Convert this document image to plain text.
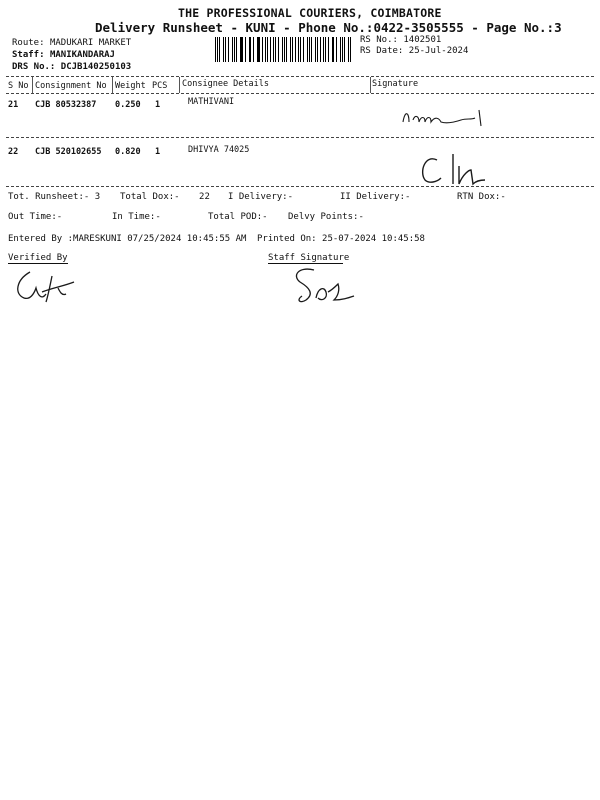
THE PROFESSIONAL COURIERS, COIMBATORE
Delivery Runsheet - KUNI - Phone No.:0422-3505555 - Page No.:3
Route: MADUKARI MARKET
Staff: MANIKANDARAJ
DRS No.: DCJB140250103
RS No.: 1402501
RS Date: 25-Jul-2024
S No Consignment No Weight PCS Consignee Details	Signature
21 CJB 80532387 0.250 1	MATHIVANI
22 CJB 520102655 0.820 1	DHIVYA 74025
Tot. Runsheet:- 3 Total Dox:- 22 I Delivery:-	II Delivery:-	RTN Dox:-
Out Time:-	In Time:-	Total POD:- Delvy Points:-
Entered By :MARESKUNI 07/25/2024 10:45:55 AM Printed On: 25-07-2024 10:45:58
Verified By	Staff Signature
